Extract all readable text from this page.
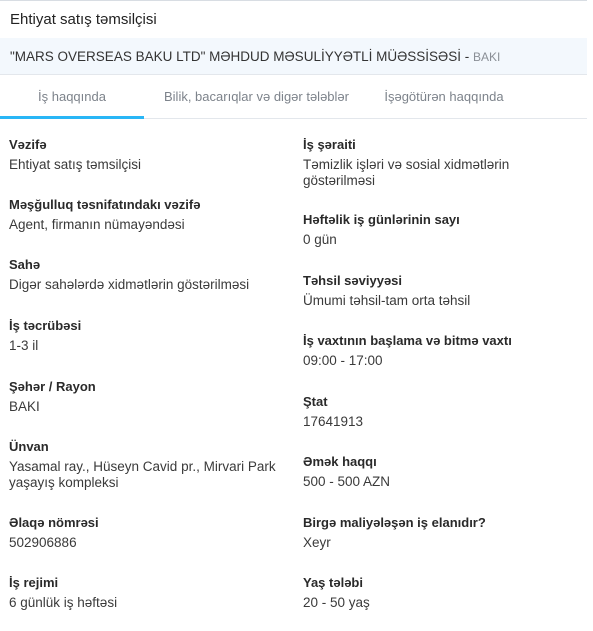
Ehtiyat satış təmsilçisi
"MARS OVERSEAS BAKU LTD" MƏHDUD MƏSULİYYƏTLİ MÜƏSSİSƏSİ - BAKI
İş haqqında	Bilik, bacarıqlar və digər tələblər	İşəgötürən haqqında
Vəzifə
Ehtiyat satış təmsilçisi
Məşğulluq təsnifatındakı vəzifə
Agent, firmanın nümayəndəsi
Sahə
Digər sahələrdə xidmətlərin göstərilməsi
İş təcrübəsi
1-3 il
Şəhər / Rayon
BAKI
Ünvan
Yasamal ray., Hüseyn Cavid pr., Mirvari Park yaşayış kompleksi
Əlaqə nömrəsi
502906886
İş rejimi
6 günlük iş həftəsi
İş şəraiti
Təmizlik işləri və sosial xidmətlərin göstərilməsi
Həftəlik iş günlərinin sayı
0 gün
Təhsil səviyyəsi
Ümumi təhsil-tam orta təhsil
İş vaxtının başlama və bitmə vaxtı
09:00 - 17:00
Ştat
17641913
Əmək haqqı
500 - 500 AZN
Birgə maliyələşən iş elanıdır?
Xeyr
Yaş tələbi
20 - 50 yaş
